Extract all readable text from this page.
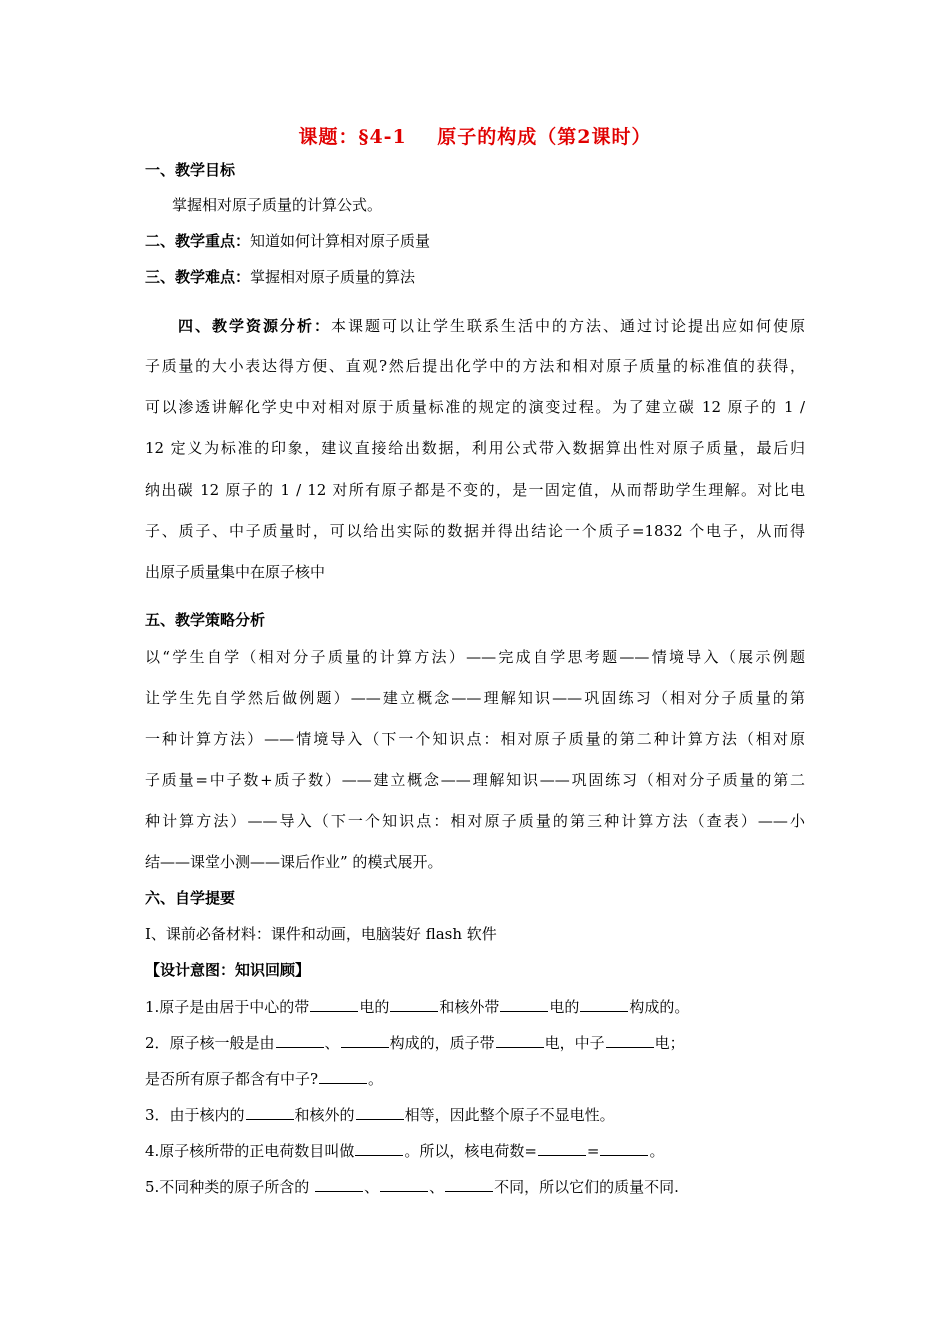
课题：§4-1    原子的构成（第2课时）
一、教学目标
掌握相对原子质量的计算公式。
二、教学重点：知道如何计算相对原子质量
三、教学难点：掌握相对原子质量的算法
四、教学资源分析：本课题可以让学生联系生活中的方法、通过讨论提出应如何使原
子质量的大小表达得方便、直观?然后提出化学中的方法和相对原子质量的标准值的获得，
可以渗透讲解化学史中对相对原于质量标准的规定的演变过程。为了建立碳 12 原子的 1 /
12 定义为标准的印象，建议直接给出数据，利用公式带入数据算出性对原子质量，最后归
纳出碳 12 原子的 1 / 12 对所有原子都是不变的，是一固定值，从而帮助学生理解。对比电
子、质子、中子质量时，可以给出实际的数据并得出结论一个质子=1832 个电子，从而得
出原子质量集中在原子核中
五、教学策略分析
以“学生自学（相对分子质量的计算方法）——完成自学思考题——情境导入（展示例题
让学生先自学然后做例题）——建立概念——理解知识——巩固练习（相对分子质量的第
一种计算方法）——情境导入（下一个知识点：相对原子质量的第二种计算方法（相对原
子质量=中子数+质子数）——建立概念——理解知识——巩固练习（相对分子质量的第二
种计算方法）——导入（下一个知识点：相对原子质量的第三种计算方法（查表）——小
结——课堂小测——课后作业” 的模式展开。
六、自学提要
Ⅰ、课前必备材料：课件和动画，电脑装好 flash 软件
【设计意图：知识回顾】
1.原子是由居于中心的带	电的	和核外带	电的	构成的。
2．原子核一般是由	、	构成的，质子带	电，中子	电；
是否所有原子都含有中子?	。
3．由于核内的	和核外的	相等，因此整个原子不显电性。
4.原子核所带的正电荷数目叫做	。所以，核电荷数=	=	。
5.不同种类的原子所含的	、	、	不同，所以它们的质量不同.
